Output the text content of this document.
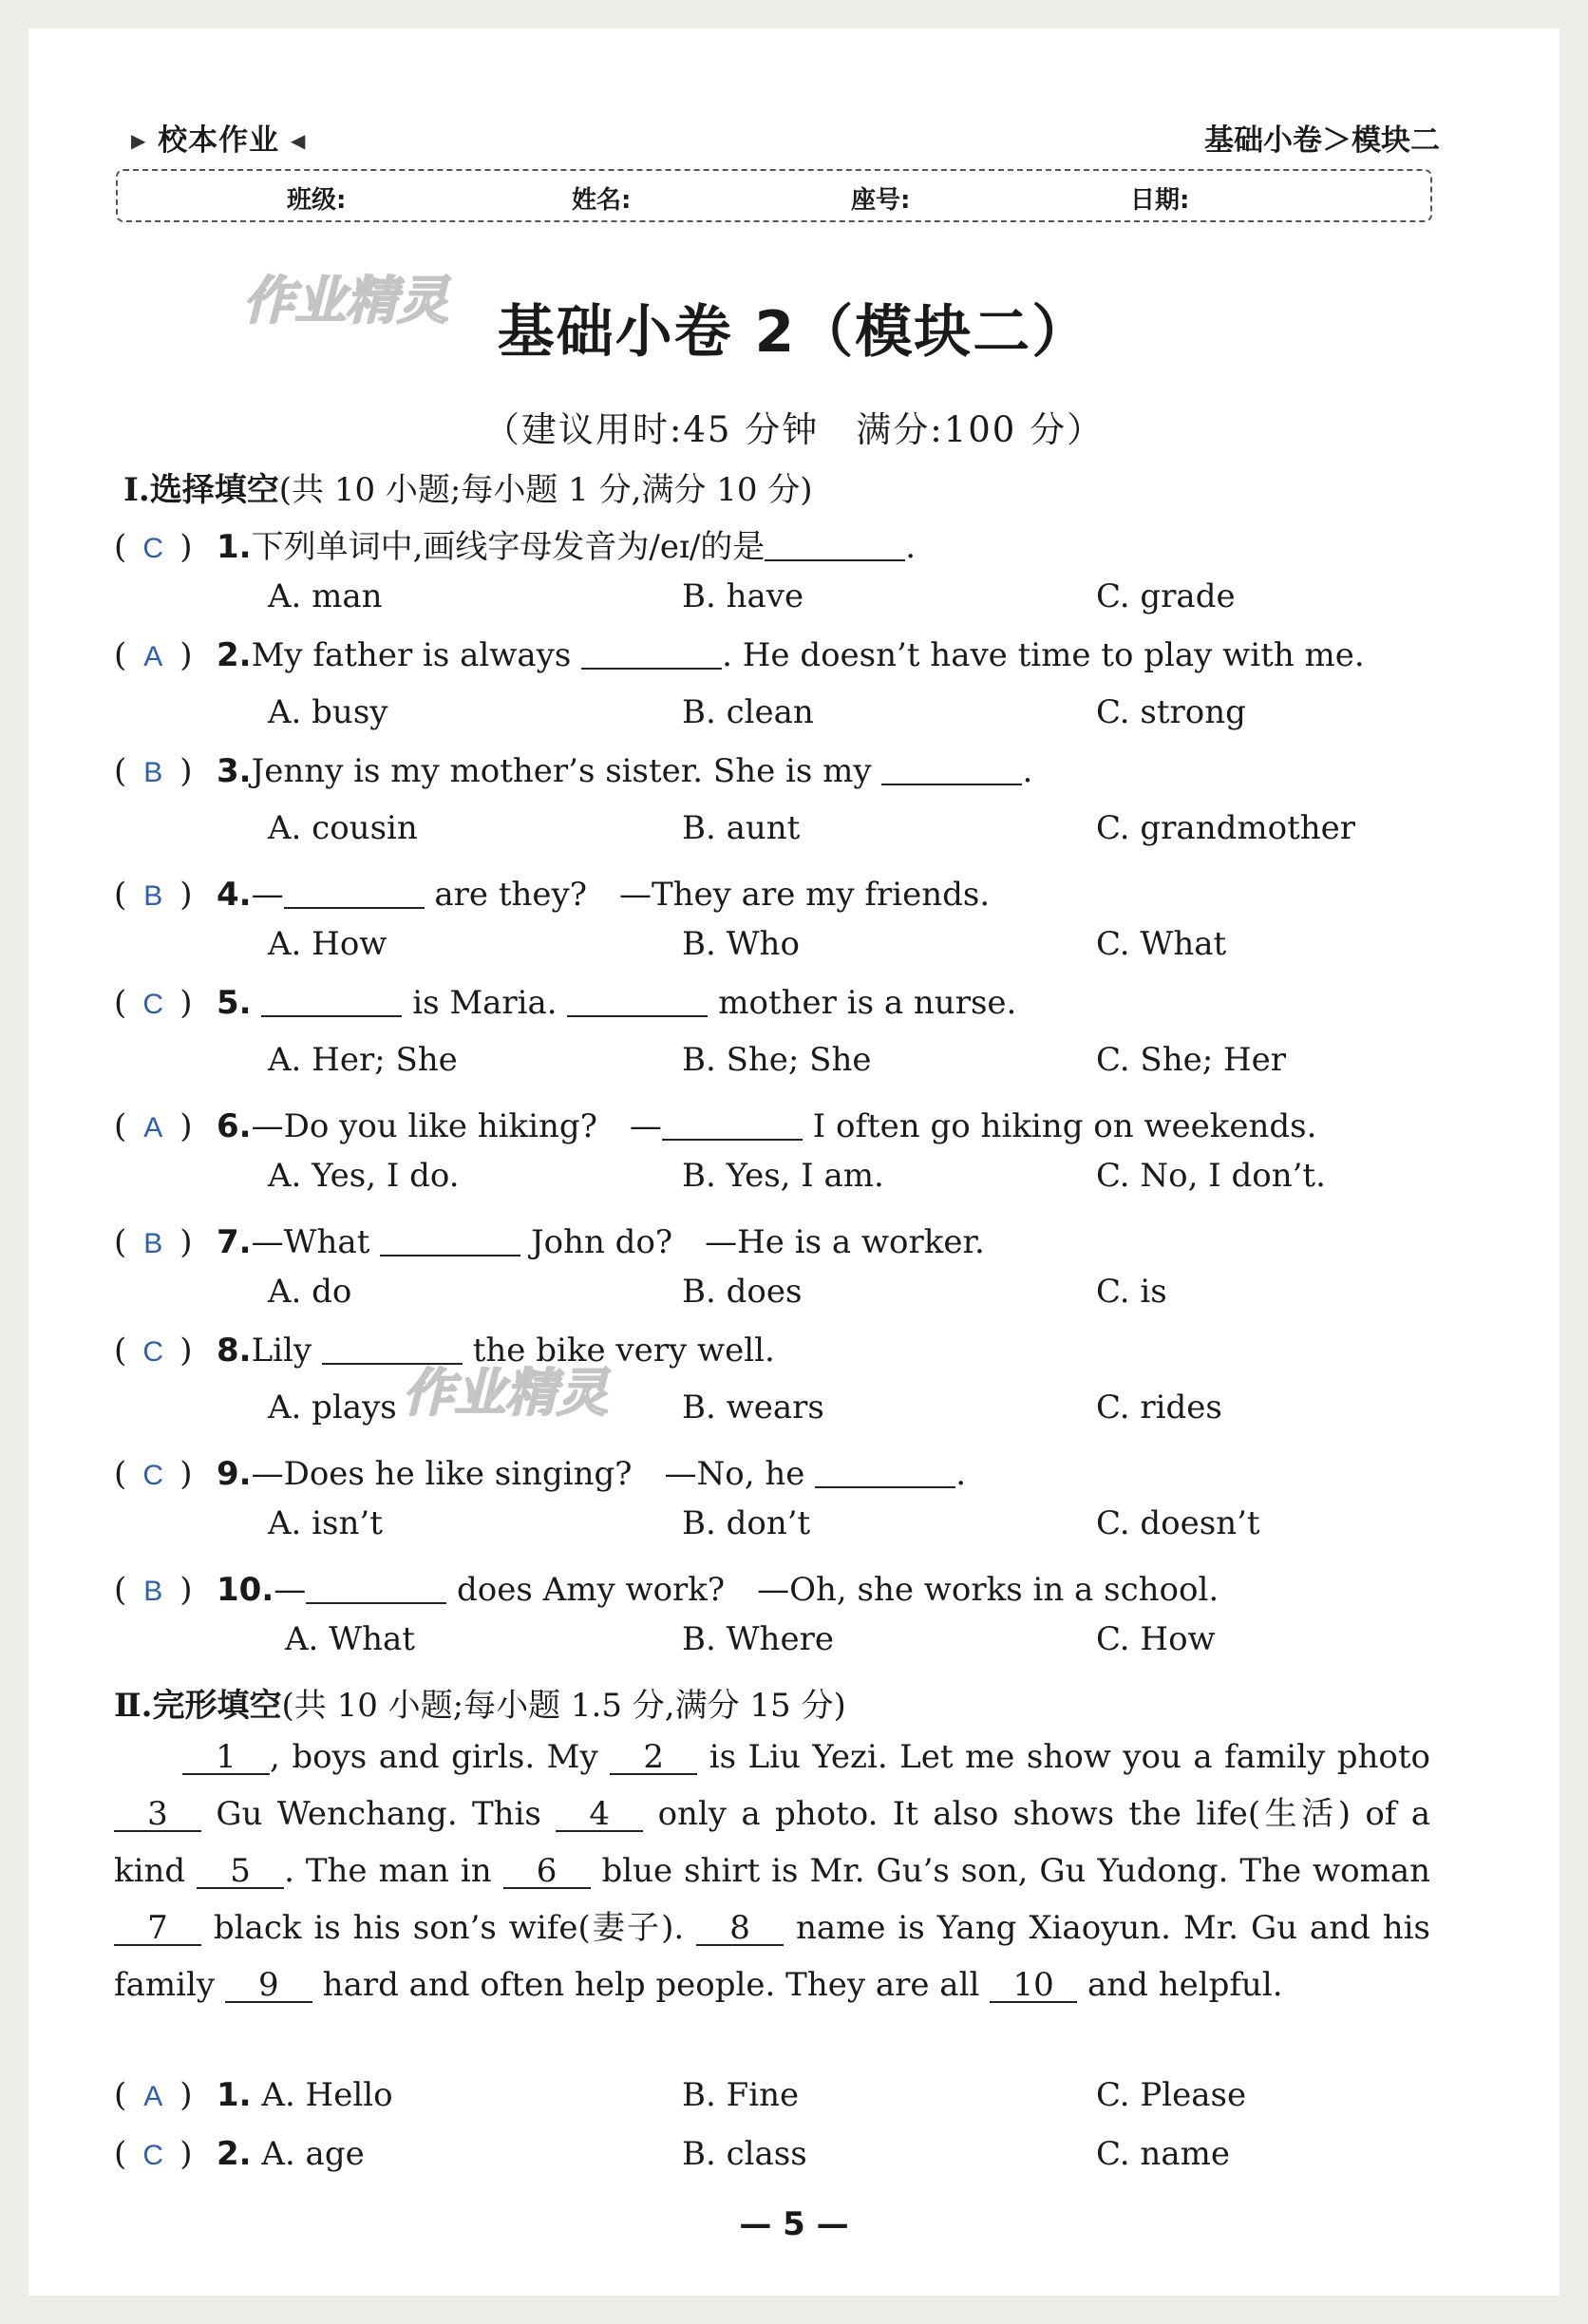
▶ 校本作业 ◀	基础小卷＞模块二
班级:	姓名:	座号:	日期:
作业精灵
作业精灵
基础小卷 2（模块二）
（建议用时:45 分钟　满分:100 分）
Ⅰ.选择填空(共 10 小题;每小题 1 分,满分 10 分)
( C ) 1.下列单词中,画线字母发音为/eɪ/的是	.
A. man	B. have	C. grade
( A ) 2.My father is always	. He doesn’t have time to play with me.
A. busy	B. clean	C. strong
( B ) 3.Jenny is my mother’s sister. She is my	.
A. cousin	B. aunt	C. grandmother
( B ) 4.—	are they?　—They are my friends.
A. How	B. Who	C. What
( C ) 5.	is Maria.	mother is a nurse.
A. Her; She	B. She; She	C. She; Her
( A ) 6.—Do you like hiking?　—	I often go hiking on weekends.
A. Yes, I do.	B. Yes, I am.	C. No, I don’t.
( B ) 7.—What	John do?　—He is a worker.
A. do	B. does	C. is
( C ) 8.Lily	the bike very well.
A. plays	B. wears	C. rides
( C ) 9.—Does he like singing?　—No, he	.
A. isn’t	B. don’t	C. doesn’t
( B ) 10.—	does Amy work?　—Oh, she works in a school.
A. What	B. Where	C. How
Ⅱ.完形填空(共 10 小题;每小题 1.5 分,满分 15 分)
1 , boys and girls. My 2 is Liu Yezi. Let me show you a family photo 3 Gu Wenchang. This 4 only a photo. It also shows the life(生活) of a kind 5 . The man in 6 blue shirt is Mr. Gu’s son, Gu Yudong. The woman 7 black is his son’s wife(妻子). 8 name is Yang Xiaoyun. Mr. Gu and his family 9 hard and often help people. They are all 10 and helpful.
( A ) 1. A. Hello	B. Fine	C. Please
( C ) 2. A. age	B. class	C. name
— 5 —
